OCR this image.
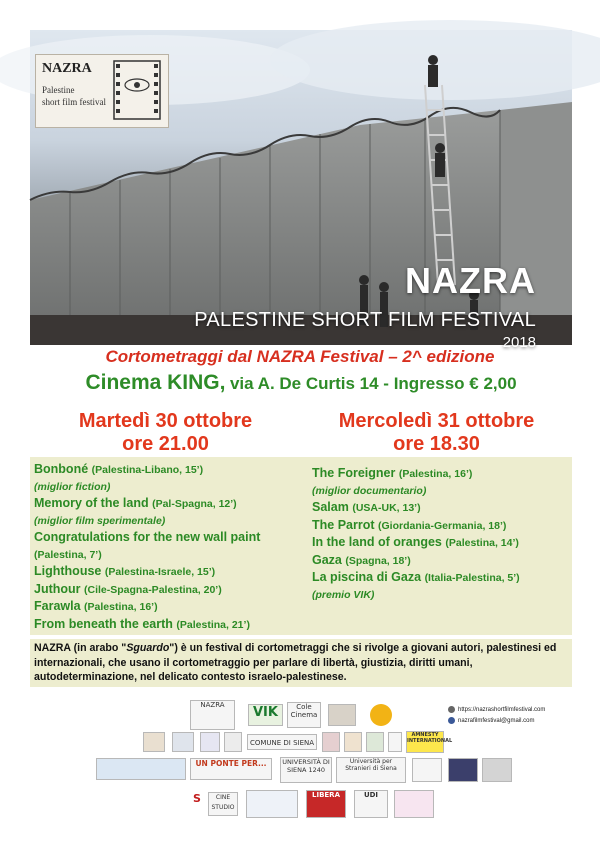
NAZRA
PALESTINE SHORT FILM FESTIVAL
2018
NAZRA
Palestine
short film festival
Cortometraggi dal NAZRA Festival – 2^ edizione
Cinema KING, via A. De Curtis 14 - Ingresso € 2,00
Martedì 30 ottobre
ore 21.00
Mercoledì 31 ottobre
ore 18.30
Bonboné (Palestina-Libano, 15’)
(miglior fiction)
Memory of the land (Pal-Spagna, 12’)
(miglior film sperimentale)
Congratulations for the new wall paint
(Palestina, 7’)
Lighthouse (Palestina-Israele, 15’)
Juthour (Cile-Spagna-Palestina, 20’)
Farawla (Palestina, 16’)
From beneath the earth (Palestina, 21’)
The Foreigner (Palestina, 16’)
(miglior documentario)
Salam (USA-UK, 13’)
The Parrot (Giordania-Germania, 18’)
In the land of oranges (Palestina, 14’)
Gaza (Spagna, 18’)
La piscina di Gaza (Italia-Palestina, 5’)
(premio VIK)
NAZRA (in arabo "Sguardo") è un festival di cortometraggi che si rivolge a giovani autori, palestinesi ed internazionali, che usano il cortometraggio per parlare di libertà, giustizia, diritti umani, autodeterminazione, nel delicato contesto israelo-palestinese.
NAZRA	VIK	Cole Cinema
https://nazrashortfilmfestival.com
nazrafilmfestival@gmail.com
COMUNE DI SIENA
AMNESTY INTERNATIONAL
UN PONTE PER...	UNIVERSITÀ DI SIENA 1240
Università per Stranieri di Siena
S	CINE STUDIO
LIBERA	UDI
